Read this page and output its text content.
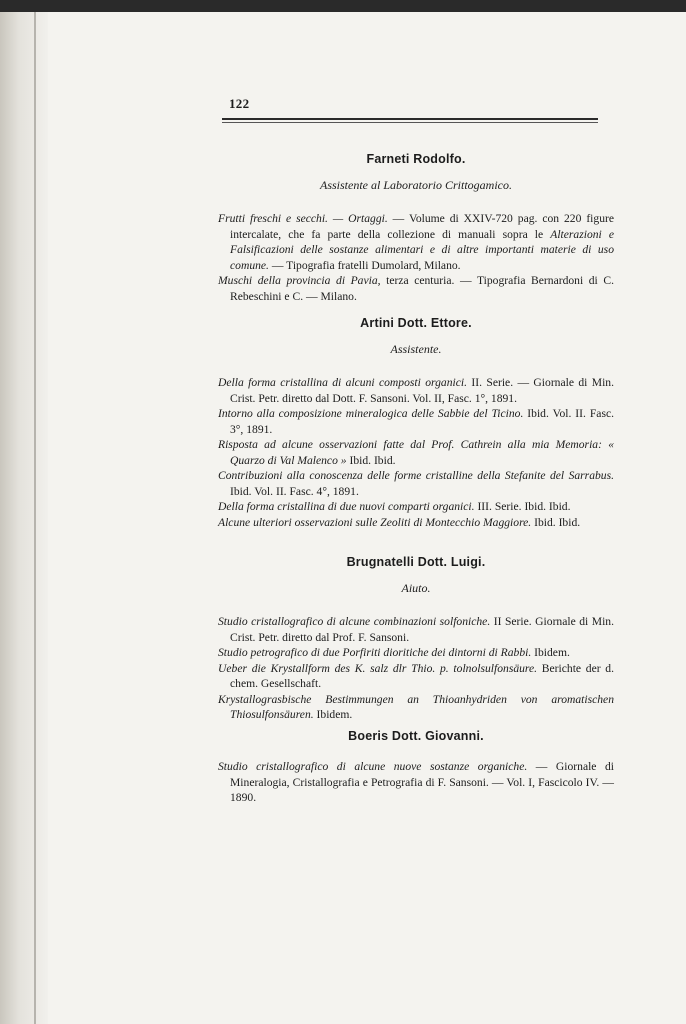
122
Farneti Rodolfo.
Assistente al Laboratorio Crittogamico.
Frutti freschi e secchi. — Ortaggi. — Volume di XXIV-720 pag. con 220 figure intercalate, che fa parte della collezione di manuali sopra le Alterazioni e Falsificazioni delle sostanze alimentari e di altre importanti materie di uso comune. — Tipografia fratelli Dumolard, Milano.
Muschi della provincia di Pavia, terza centuria. — Tipografia Bernardoni di C. Rebeschini e C. — Milano.
Artini Dott. Ettore.
Assistente.
Della forma cristallina di alcuni composti organici. II. Serie. — Giornale di Min. Crist. Petr. diretto dal Dott. F. Sansoni. Vol. II, Fasc. 1°, 1891.
Intorno alla composizione mineralogica delle Sabbie del Ticino. Ibid. Vol. II. Fasc. 3°, 1891.
Risposta ad alcune osservazioni fatte dal Prof. Cathrein alla mia Memoria: « Quarzo di Val Malenco » Ibid. Ibid.
Contribuzioni alla conoscenza delle forme cristalline della Stefanite del Sarrabus. Ibid. Vol. II. Fasc. 4°, 1891.
Della forma cristallina di due nuovi comparti organici. III. Serie. Ibid. Ibid.
Alcune ulteriori osservazioni sulle Zeoliti di Montecchio Maggiore. Ibid. Ibid.
Brugnatelli Dott. Luigi.
Aiuto.
Studio cristallografico di alcune combinazioni solfoniche. II Serie. Giornale di Min. Crist. Petr. diretto dal Prof. F. Sansoni.
Studio petrografico di due Porfiriti dioritiche dei dintorni di Rabbi. Ibidem.
Ueber die Krystallform des K. salz dlr Thio. p. tolnolsulfonsäure. Berichte der d. chem. Gesellschaft.
Krystallograsbische Bestimmungen an Thioanhydriden von aromatischen Thiosulfonsäuren. Ibidem.
Boeris Dott. Giovanni.
Studio cristallografico di alcune nuove sostanze organiche. — Giornale di Mineralogia, Cristallografia e Petrografia di F. Sansoni. — Vol. I, Fascicolo IV. — 1890.
